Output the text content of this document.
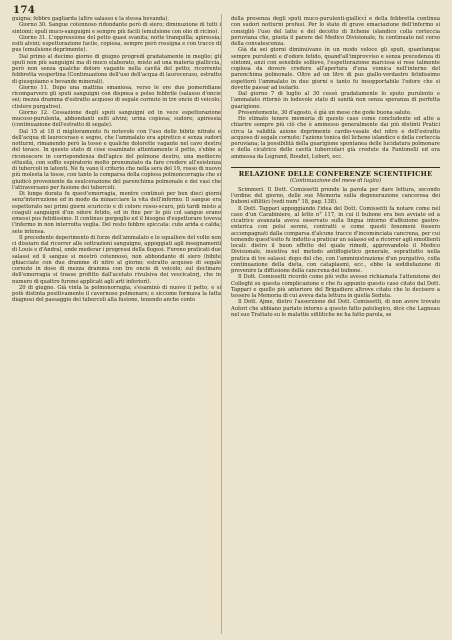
174

guigna; febbre gagliarda (altre salasso e la stessa bevanda).

Giorno 30. Sangue cotennoso ridondante però di siero; diminuzione di tutti i sintomi; spuli muco-sanguigni e sempre più facili (emulsione con olio di ricino).

Giorno 31. L'oppressione del petto quasi svanita; notte tranquilla; apiressia; esiti alvini; espettorazione facile, copiosa, sempre però rossigna e con tracce di pus (emulsione deprimente).

Dal primo al decimo giorno di giugno progredì gradatamente in meglio; gli sputi non più sanguigni ma di muco elaborato, misto ad una materia gialliccia, però non senza qualche dolore vagante nella cavità del petto; ricorrente febbretta vespertina (Continuazione dell'uso dell'acqua di lauroceraso, estratto di giusquiamo e bevande minerali).

Giorno 11. Dopo una mattina smaniosa, verso le ore due pomeridiane ricomparvero gli sputi sanguigni con dispnea e polso febbrile (salasso d'oncie sei; mezza dramma d'estratto acquoso di segale cornuto in tre oncie di veicolo; clistere purgativo).

Giorno 12. Cessazione degli sputi sanguigni ed in vece espettorazione mucoso-purulenta, abbondanti esiti alvini; urina copiosa; sudore; apiressia (continuazione dell'estratto di segale).

Dal 15 al 18 il miglioramento fu notevole con l'uso delle bibite nitrate e dell'acqua di lauroceraso e segno, che l'ammalato era apiretico e senza sudori notturni, rimanendo però la tosse e qualche dolorette vagante nel cavo destro del torace. In questo stato di cose esaminato attentamente il petto, s'ebbe a riconoscere in corrispondenza dell'apice del polmone destro, una mediocre ottusità, con soffio espiratorio molto pronunziato da fare credere all'esistenza di tubercoli in latenti. Nè fu vano il criterio che nella sera del 19, rosso di nuovo più molesta la tosse, con tanto la comparsa della copiosa polmoncorragia che si giudicò proveniente da esulcerazione del parenchima polmonale e dei vasi che l'attraversano per fusione dei tubercoli.

Di lunga durata fu quest'emorragia, mentre continuò per ben dieci giorni senz'interruzione ed in modo da minacciare la vita dell'infermo. Il sangue era espettorato nei primi giorni scuriccio e di colore rosso-scuro, più tardi misto a coaguli sanguigni d'un odore fetido, ed in fine per lo più col sangue erano emessi pus fetidissimo. Il continuo gorgoglio ed il bisogno d'espettorare toveva l'infermo in non interrotta veglia. Del resto febbre spiccata: cute arida e calda; sete intensa.

Il precedente deperimento di forze dell'ammalato e lo squallore del volto non ci dissiaro dal ricorrer alle sottrazioni sanguigne, appoggiati agli insegnamenti di Louis e d'Andral, onde mederar i progressi della flogosi. Furono praticati due salassi ed il sangue si mostrò cotennoso, non abbondante di siero (bibite ghiacciate con due dramme di nitro al giorno; estratto acquoso di segale cornuto in dose di mezza dramma con tre oncie di veicolo; sul declinare dell'emorragia si trasse profitto dall'acetato rivulsiva dei vescicatorj, che in numero di quattro furono applicati agli arti inferiori).

20 di giugno. Già vinta la polmonorragia, s'esaminò di nuovo il petto, e si potè distinta positivamente il cavernoso polmonare; e siccome formava la fatta diagnosi del passaggio dei tubercoli alla fusione, tenendo anche conto

della presenza degli sputi muco-purulenti-gialliccì e della febbretta continua con sudori notturni profusi. Per lo stato di grave emaciazione dell'infermo si consigliò l'uso del latte e del decotto di lichene islandico colla corteccia peruviana che, giusta il parere del Medico Divisionale, fu continuato nel corso della convalescenza.

Già da sei giorni diminuivano in un modo veloce gli sputi, quantunque sempre purulenti e d'odore fetido, quand'all'improvviso e senza precedenza di sintomi, anzi con sensibile sollievo, l'espettorazione marcissa si rese talmente copiosa da dovere credere all'apertura d'una vomica nell'interno del parenchima polmonale. Oltre ad un litro di pus giallo-verdastro fetidissimo espettorò l'ammalato in due giorni e tanto fu insopportabile l'odore che si dovette passar ad isolarlo.

Dal giorno 7 di luglio al 30 cessò gradatamente lo sputo purulento e l'ammalato ritornò in lodevole stato di sanità non senza speranza di perfetta guarigione.

Presentemente, 30 d'agosto, è già un mese che gode buona salute.

Ho stimato tenere memoria di questo caso come concludente ed atto a chiarire sempre più ciò che è ammesso generalmente dai più distinti Pratici circa la validità azione deprimente cardio-vasale del nitro e dell'estratto acquoso di segale cornuto; l'azione tonica del lichene islandico e della corteccia peruviana; la possibilità della guarigione spontanea delle lucidatura polmonare e della cicatrice delle cavità tubercolari già credute da Fantonelli ed ora ammessa da Legrand, Boudet, Lebert, ecc.

RELAZIONE DELLE CONFERENZE SCIENTIFICHE
(Continuazione del mese di luglio)

Scimmeri. Il Dott. Comissetti prende la parola per dare lettura, secondo l'ordine del giorno, delle sue Memoria sulla degenerazione cancerosa dei buboni sifilitici (vedi num° 18, pag. 138).

Il Dott. Tappari appoggiando l'idea del Dott. Comissetti fa notare come nel caso d'un Carabiniere, al letto n° 117, in cui il bubone era ben avviato ed a cicatrice avanzata aveva osservato sulla lingua intorno d'affezione gastro-enterica con polsi sereni, contratti e come questi fenomeni fossero accompagnati dalla comparsa d'alcune tracce d'incominciata cancrena, per cui temendo quest'esito fu indotto a praticar un salasso ed a ricorrer agli emollienti locali: dietro il buon effetto del quale rimedi, approvandolo il Medico Divisionale, insistiva nel metodo antiflogistico generale, soprattutto nella pratica di tre salassi: dopo del che, con l'amministrazione d'un purgativo, colla continuazione della dieta, con cataplasmi, ecc., ebbe la soddisfazione di prevenire la diffusione della cancrena del bubone.

Il Dott. Comissetti ricordò come più volte avesse richiamata l'attenzione dei Colleghi su questa complicazione e che fu appunto questo caso citato dal Dott. Tappari e quello più anteriore del Brigadiere altrove citato che lo decisero a tessere la Memoria di cui aveva data lettura in quella Seduta.

Il Dott. Ajme, dietro l'asserzione del Dott. Comissetti, di non avere trovato Autori che abbiano parlato intorno a questo fatto patologico, dice che Lagneau nel suo Trattato su le malattie sifilitiche ne ha fatto parola, se
